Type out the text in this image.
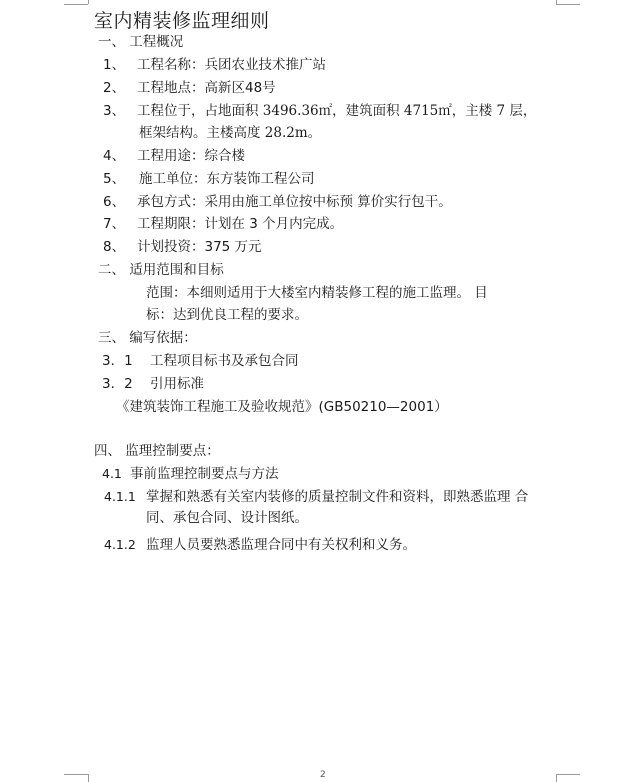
室内精装修监理细则
一、 工程概况
1、 工程名称：兵团农业技术推广站
2、 工程地点：高新区48号
3、 工程位于，占地面积 3496.36㎡，建筑面积 4715㎡，主楼 7 层，
框架结构。主楼高度 28.2m。
4、 工程用途：综合楼
5、 施工单位：东方装饰工程公司
6、 承包方式：采用由施工单位按中标预 算价实行包干。
7、 工程期限：计划在 3 个月内完成。
8、 计划投资：375 万元
二、 适用范围和目标
范围：本细则适用于大楼室内精装修工程的施工监理。 目
标：达到优良工程的要求。
三、 编写依据：
3．1 工程项目标书及承包合同
3．2 引用标准
《建筑装饰工程施工及验收规范》(GB50210—2001）
四、 监理控制要点：
4.1 事前监理控制要点与方法
4.1.1 掌握和熟悉有关室内装修的质量控制文件和资料，即熟悉监理 合
同、承包合同、设计图纸。
4.1.2 监理人员要熟悉监理合同中有关权利和义务。
2
